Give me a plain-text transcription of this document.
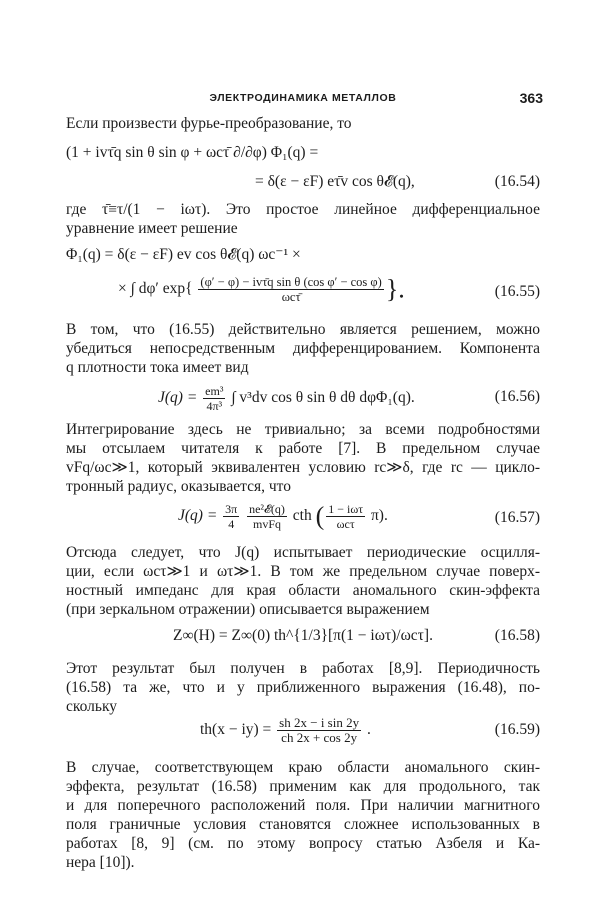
ЭЛЕКТРОДИНАМИКА МЕТАЛЛОВ	363
Если произвести фурье-преобразование, то
(1 + ivτ̄q sin θ sin φ + ωcτ̄ ∂/∂φ) Φ₁(q) =
= δ(ε − εF) eτ̄v cos θ𝓔(q),	(16.54)
где τ̄≡τ/(1 − iωτ). Это простое линейное дифференциальное
уравнение имеет решение
Φ₁(q) = δ(ε − εF) ev cos θ𝓔(q) ωc⁻¹ ×
× ∫ dφ′ $\exp\{ \frac{\text{(φ′ − φ) − ivτ̄q sin θ (cos φ′ − cos φ)}}{\text{ωcτ̄}}$ }.	(16.55)
В том, что (16.55) действительно является решением, можно
убедиться непосредственным дифференцированием. Компонента
q плотности тока имеет вид
$J(q) = \frac{\text{em³}}{\text{4π³}}$ ∫ v³dv cos θ sin θ dθ dφΦ₁(q).	(16.56)
Интегрирование здесь не тривиально; за всеми подробностями
мы отсылаем читателя к работе [7]. В предельном случае
vFq/ωc≫1, который эквивалентен условию rc≫δ, где rc — цикло-
тронный радиус, оказывается, что
$J(q) = \frac{3\pi}{4}$
$\frac{\text{ne²𝓔(q)}}{\text{mvFq}}$ cth ( $\frac{\text{1 − iωτ}}{\text{ωcτ}} \pi$).	(16.57)
Отсюда следует, что J(q) испытывает периодические осцилля-
ции, если ωcτ≫1 и ωτ≫1. В том же предельном случае поверх-
ностный импеданс для края области аномального скин-эффекта
(при зеркальном отражении) описывается выражением
Z∞(H) = Z∞(0) th^{1/3}[π(1 − iωτ)/ωcτ].	(16.58)
Этот результат был получен в работах [8,9]. Периодичность
(16.58) та же, что и у приближенного выражения (16.48), по-
скольку
$th(x - iy) = \frac{\text{sh 2x − i sin 2y}}{ch 2x + \cos 2y}$ .	(16.59)
В случае, соответствующем краю области аномального скин-
эффекта, результат (16.58) применим как для продольного, так
и для поперечного расположений поля. При наличии магнитного
поля граничные условия становятся сложнее использованных в
работах [8, 9] (см. по этому вопросу статью Азбеля и Ка-
нера [10]).
